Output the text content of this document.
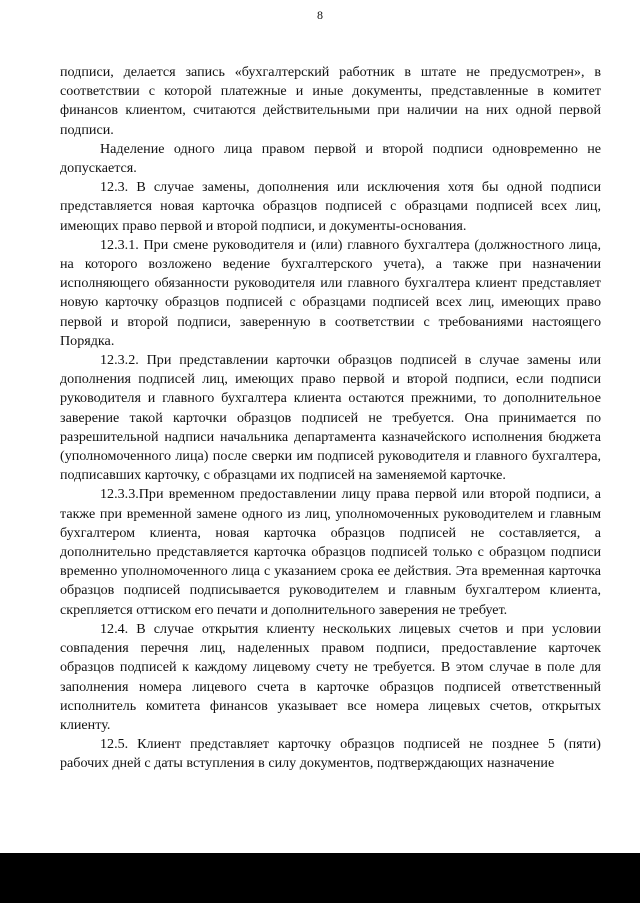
8

подписи, делается запись «бухгалтерский работник в штате не предусмотрен», в соответствии с которой платежные и иные документы, представленные в комитет финансов клиентом, считаются действительными при наличии на них одной первой подписи.

Наделение одного лица правом первой и второй подписи одновременно не допускается.

12.3. В случае замены, дополнения или исключения хотя бы одной подписи представляется новая карточка образцов подписей с образцами подписей всех лиц, имеющих право первой и второй подписи, и документы-основания.

12.3.1. При смене руководителя и (или) главного бухгалтера (должностного лица, на которого возложено ведение бухгалтерского учета), а также при назначении исполняющего обязанности руководителя или главного бухгалтера клиент представляет новую карточку образцов подписей с образцами подписей всех лиц, имеющих право первой и второй подписи, заверенную в соответствии с требованиями настоящего Порядка.

12.3.2. При представлении карточки образцов подписей в случае замены или дополнения подписей лиц, имеющих право первой и второй подписи, если подписи руководителя и главного бухгалтера клиента остаются прежними, то дополнительное заверение такой карточки образцов подписей не требуется. Она принимается по разрешительной надписи начальника департамента казначейского исполнения бюджета (уполномоченного лица) после сверки им подписей руководителя и главного бухгалтера, подписавших карточку, с образцами их подписей на заменяемой карточке.

12.3.3.При временном предоставлении лицу права первой или второй подписи, а также при временной замене одного из лиц, уполномоченных руководителем и главным бухгалтером клиента, новая карточка образцов подписей не составляется, а дополнительно представляется карточка образцов подписей только с образцом подписи временно уполномоченного лица с указанием срока ее действия. Эта временная карточка образцов подписей подписывается руководителем и главным бухгалтером клиента, скрепляется оттиском его печати и дополнительного заверения не требует.

12.4. В случае открытия клиенту нескольких лицевых счетов и при условии совпадения перечня лиц, наделенных правом подписи, предоставление карточек образцов подписей к каждому лицевому счету не требуется. В этом случае в поле для заполнения номера лицевого счета в карточке образцов подписей ответственный исполнитель комитета финансов указывает все номера лицевых счетов, открытых клиенту.

12.5. Клиент представляет карточку образцов подписей не позднее 5 (пяти) рабочих дней с даты вступления в силу документов, подтверждающих назначение
